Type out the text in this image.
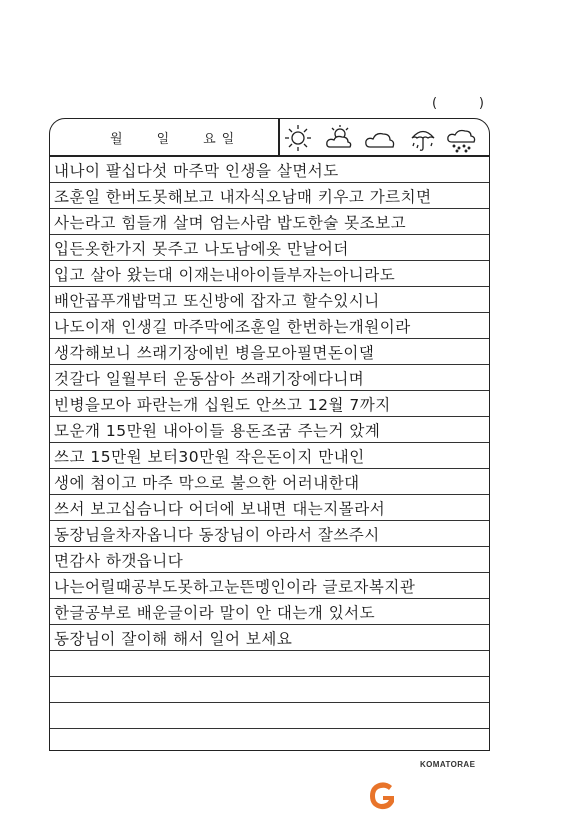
(	)
월 일 요일
내나이 팔십다섯 마주막 인생을 살면서도
조훈일 한버도못해보고 내자식오남매 키우고 가르치면
사는라고 힘들개 살며 엄는사람 밥도한술 못조보고
입든옷한가지 못주고 나도남에옷 만날어더
입고 살아 왔는대 이재는내아이들부자는아니라도
배안곱푸개밥먹고 또신방에 잡자고 할수있시니
나도이재 인생길 마주막에조훈일 한번하는개원이라
생각해보니 쓰래기장에빈 병을모아필면돈이댈
것갈다 일월부터 운동삼아 쓰래기장에다니며
빈병을모아 파란는개 십원도 안쓰고 12월 7까지
모운개 15만원 내아이들 용돈조굼 주는거 았계
쓰고 15만원 보터30만원 작은돈이지 만내인
생에 첨이고 마주 막으로 불으한 어러내한대
쓰서 보고십슴니다 어더에 보내면 대는지몰라서
동장님을차자옵니다 동장님이 아라서 잘쓰주시
면감사 하갯읍니다
나는어릴때공부도못하고눈뜬멩인이라 글로자복지관
한글공부로 배운글이라 말이 안 대는개 있서도
동장님이 잘이해 해서 일어 보세요
KOMATORAE
